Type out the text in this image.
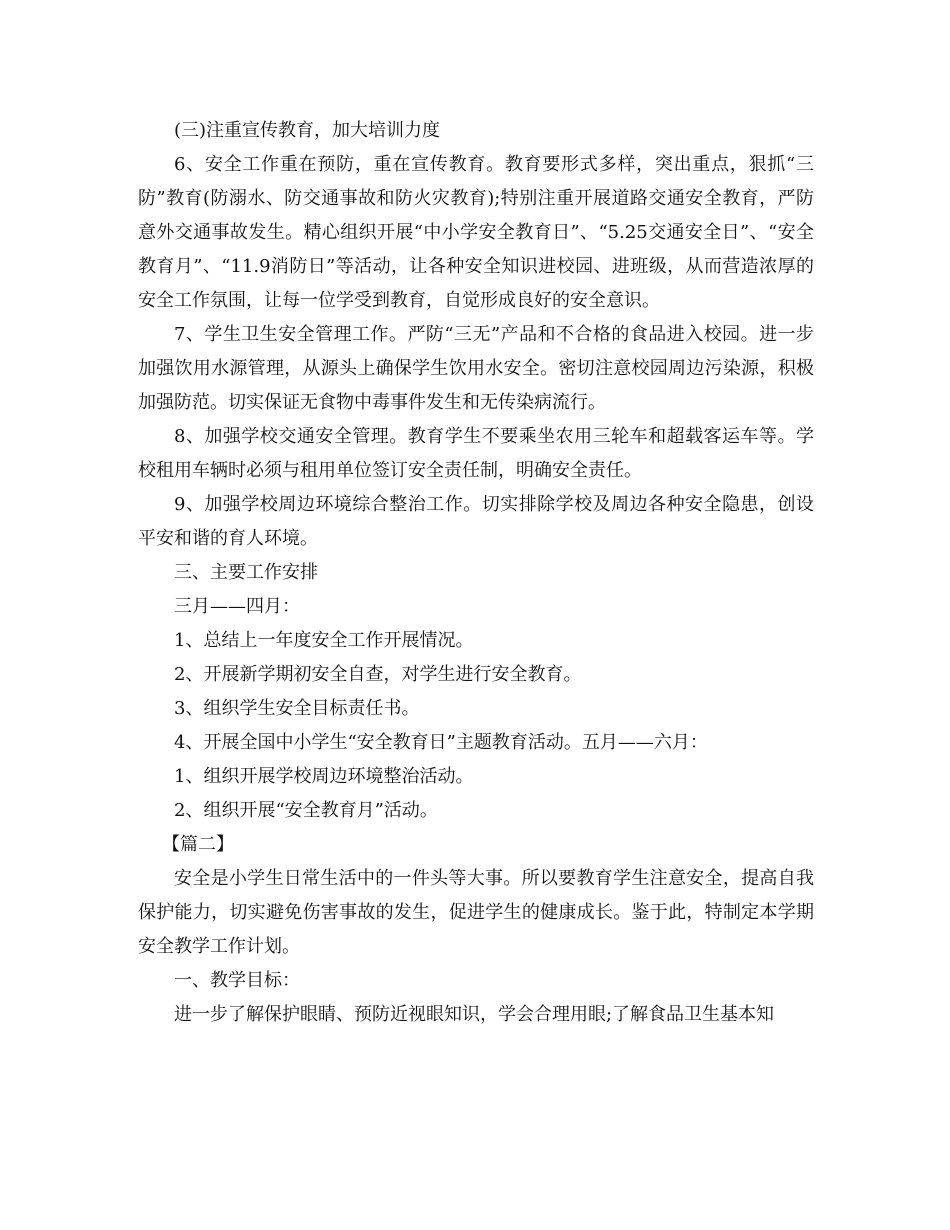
(三)注重宣传教育，加大培训力度

6、安全工作重在预防，重在宣传教育。教育要形式多样，突出重点，狠抓“三防”教育(防溺水、防交通事故和防火灾教育);特别注重开展道路交通安全教育，严防意外交通事故发生。精心组织开展“中小学安全教育日”、“5.25交通安全日”、“安全教育月”、“11.9消防日”等活动，让各种安全知识进校园、进班级，从而营造浓厚的安全工作氛围，让每一位学受到教育，自觉形成良好的安全意识。

7、学生卫生安全管理工作。严防“三无”产品和不合格的食品进入校园。进一步加强饮用水源管理，从源头上确保学生饮用水安全。密切注意校园周边污染源，积极加强防范。切实保证无食物中毒事件发生和无传染病流行。

8、加强学校交通安全管理。教育学生不要乘坐农用三轮车和超载客运车等。学校租用车辆时必须与租用单位签订安全责任制，明确安全责任。

9、加强学校周边环境综合整治工作。切实排除学校及周边各种安全隐患，创设平安和谐的育人环境。

三、主要工作安排

三月——四月：

1、总结上一年度安全工作开展情况。

2、开展新学期初安全自查，对学生进行安全教育。

3、组织学生安全目标责任书。

4、开展全国中小学生“安全教育日”主题教育活动。五月——六月：

1、组织开展学校周边环境整治活动。

2、组织开展“安全教育月”活动。

【篇二】

安全是小学生日常生活中的一件头等大事。所以要教育学生注意安全，提高自我保护能力，切实避免伤害事故的发生，促进学生的健康成长。鉴于此，特制定本学期安全教学工作计划。

一、教学目标：

进一步了解保护眼睛、预防近视眼知识，学会合理用眼;了解食品卫生基本知
